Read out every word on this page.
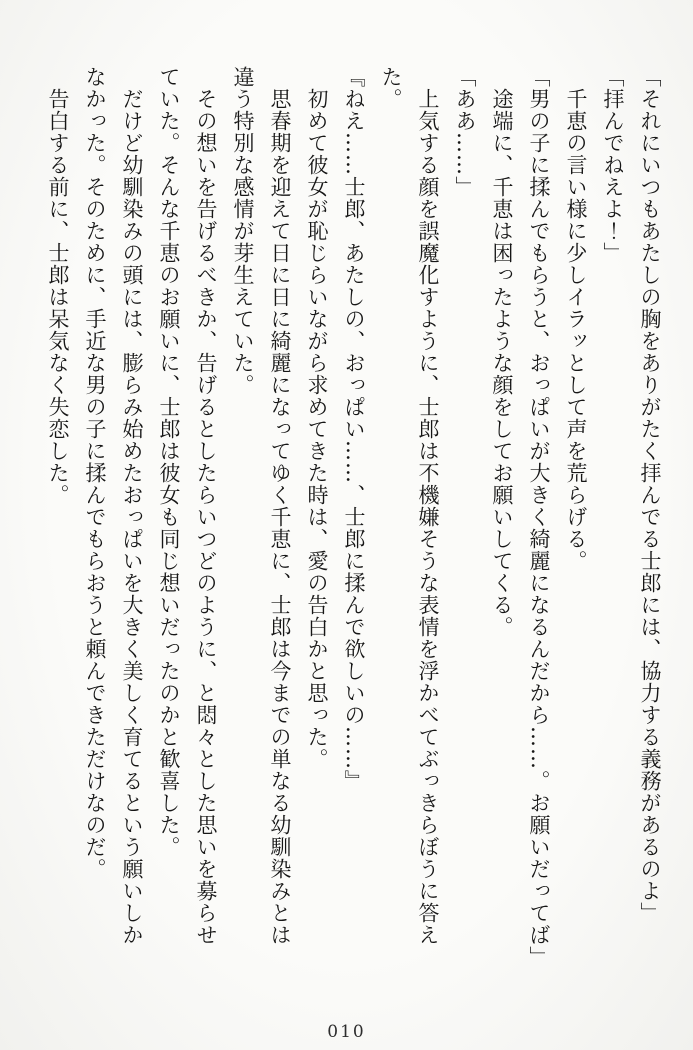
「それにいつもあたしの胸をありがたく拝んでる士郎には、協力する義務があるのよ」
「拝んでねえよ！」
千恵の言い様に少しイラッとして声を荒らげる。
「男の子に揉んでもらうと、おっぱいが大きく綺麗になるんだから……。お願いだってば」
途端に、千恵は困ったような顔をしてお願いしてくる。
「ああ……」
上気する顔を誤魔化すように、士郎は不機嫌そうな表情を浮かべてぶっきらぼうに答え
た。
『ねえ……士郎、あたしの、おっぱい……、士郎に揉んで欲しいの……』
初めて彼女が恥じらいながら求めてきた時は、愛の告白かと思った。
思春期を迎えて日に日に綺麗になってゆく千恵に、士郎は今までの単なる幼馴染みとは
違う特別な感情が芽生えていた。
その想いを告げるべきか、告げるとしたらいつどのように、と悶々とした思いを募らせ
ていた。そんな千恵のお願いに、士郎は彼女も同じ想いだったのかと歓喜した。
だけど幼馴染みの頭には、膨らみ始めたおっぱいを大きく美しく育てるという願いしか
なかった。そのために、手近な男の子に揉んでもらおうと頼んできただけなのだ。
告白する前に、士郎は呆気なく失恋した。
010
